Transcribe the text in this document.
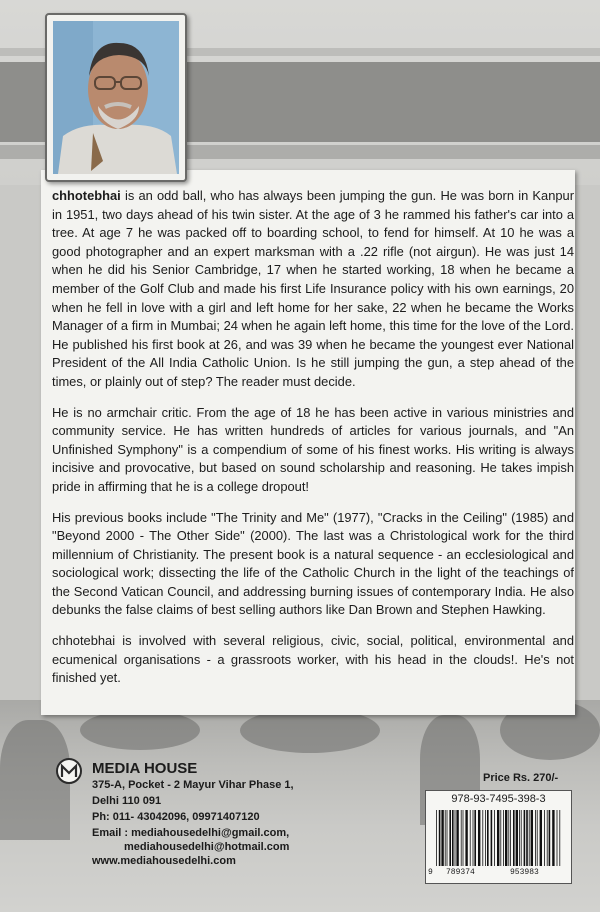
chhotebhai is an odd ball, who has always been jumping the gun. He was born in Kanpur in 1951, two days ahead of his twin sister. At the age of 3 he rammed his father's car into a tree. At age 7 he was packed off to boarding school, to fend for himself. At 10 he was a good photographer and an expert marksman with a .22 rifle (not airgun). He was just 14 when he did his Senior Cambridge, 17 when he started working, 18 when he became a member of the Golf Club and made his first Life Insurance policy with his own earnings, 20 when he fell in love with a girl and left home for her sake, 22 when he became the Works Manager of a firm in Mumbai; 24 when he again left home, this time for the love of the Lord. He published his first book at 26, and was 39 when he became the youngest ever National President of the All India Catholic Union. Is he still jumping the gun, a step ahead of the times, or plainly out of step? The reader must decide.

He is no armchair critic. From the age of 18 he has been active in various ministries and community service. He has written hundreds of articles for various journals, and "An Unfinished Symphony" is a compendium of some of his finest works. His writing is always incisive and provocative, but based on sound scholarship and reasoning. He takes impish pride in affirming that he is a college dropout!

His previous books include "The Trinity and Me" (1977), "Cracks in the Ceiling" (1985) and "Beyond 2000 - The Other Side" (2000). The last was a Christological work for the third millennium of Christianity. The present book is a natural sequence - an ecclesiological and sociological work; dissecting the life of the Catholic Church in the light of the teachings of the Second Vatican Council, and addressing burning issues of contemporary India. He also debunks the false claims of best selling authors like Dan Brown and Stephen Hawking.

chhotebhai is involved with several religious, civic, social, political, environmental and ecumenical organisations - a grassroots worker, with his head in the clouds!. He's not finished yet.

MEDIA HOUSE
375-A, Pocket - 2 Mayur Vihar Phase 1,
Delhi 110 091
Ph: 011- 43042096, 09971407120
Email : mediahousedelhi@gmail.com,
mediahousedelhi@hotmail.com
www.mediahousedelhi.com
Price Rs. 270/-
978-93-7495-398-3
9 789374	953983
